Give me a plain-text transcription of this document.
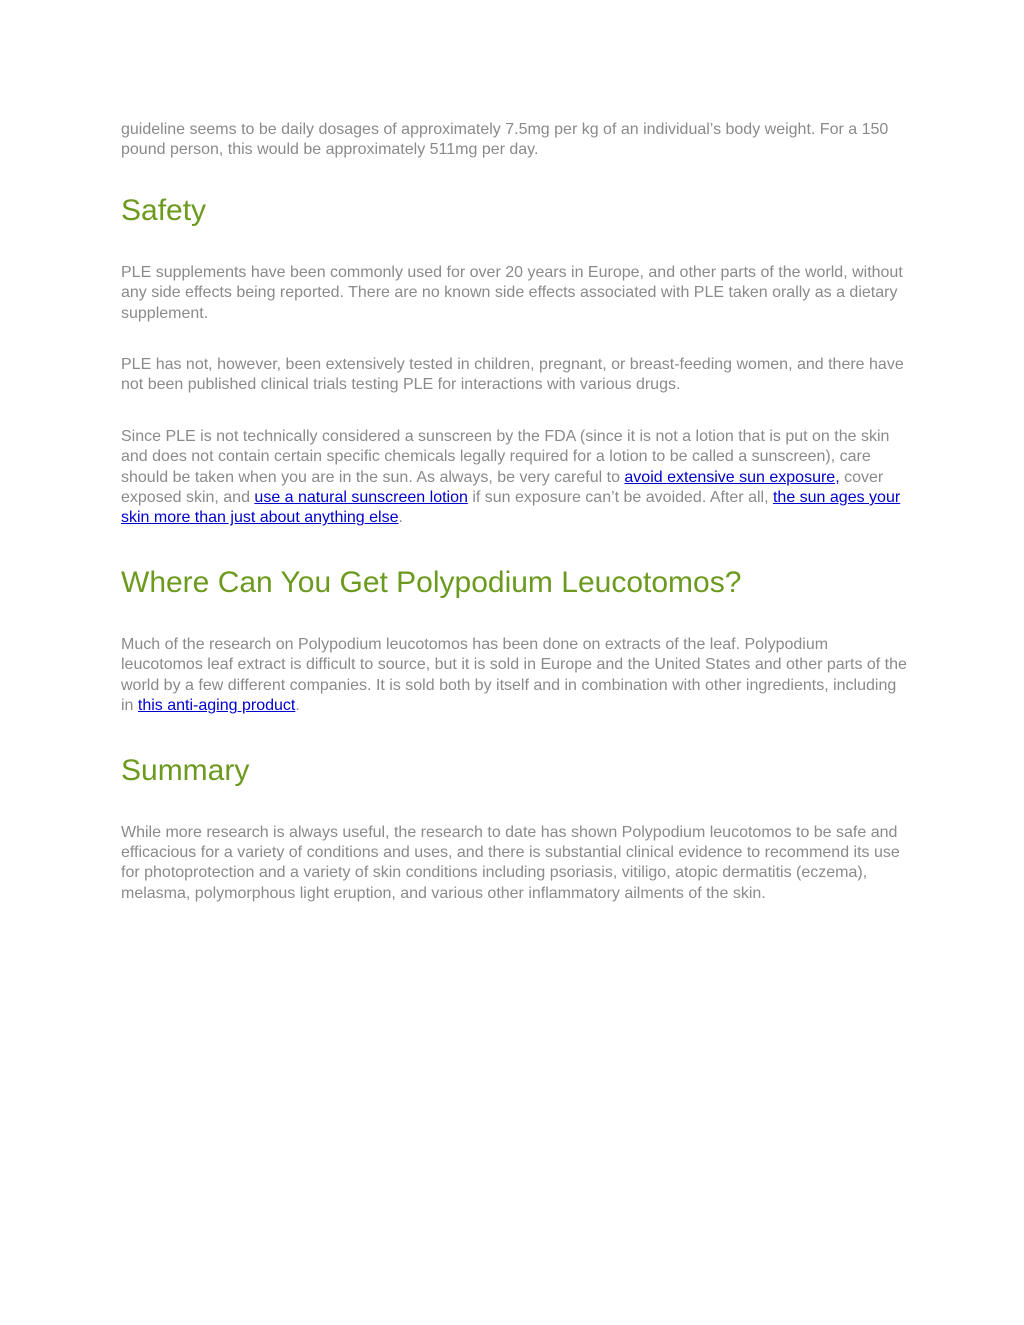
guideline seems to be daily dosages of approximately 7.5mg per kg of an individual’s body weight. For a 150 pound person, this would be approximately 511mg per day.

Safety

PLE supplements have been commonly used for over 20 years in Europe, and other parts of the world, without any side effects being reported. There are no known side effects associated with PLE taken orally as a dietary supplement.

PLE has not, however, been extensively tested in children, pregnant, or breast-feeding women, and there have not been published clinical trials testing PLE for interactions with various drugs.

Since PLE is not technically considered a sunscreen by the FDA (since it is not a lotion that is put on the skin and does not contain certain specific chemicals legally required for a lotion to be called a sunscreen), care should be taken when you are in the sun. As always, be very careful to avoid extensive sun exposure, cover exposed skin, and use a natural sunscreen lotion if sun exposure can’t be avoided. After all, the sun ages your skin more than just about anything else.

Where Can You Get Polypodium Leucotomos?

Much of the research on Polypodium leucotomos has been done on extracts of the leaf. Polypodium leucotomos leaf extract is difficult to source, but it is sold in Europe and the United States and other parts of the world by a few different companies. It is sold both by itself and in combination with other ingredients, including in this anti-aging product.

Summary

While more research is always useful, the research to date has shown Polypodium leucotomos to be safe and efficacious for a variety of conditions and uses, and there is substantial clinical evidence to recommend its use for photoprotection and a variety of skin conditions including psoriasis, vitiligo, atopic dermatitis (eczema), melasma, polymorphous light eruption, and various other inflammatory ailments of the skin.
